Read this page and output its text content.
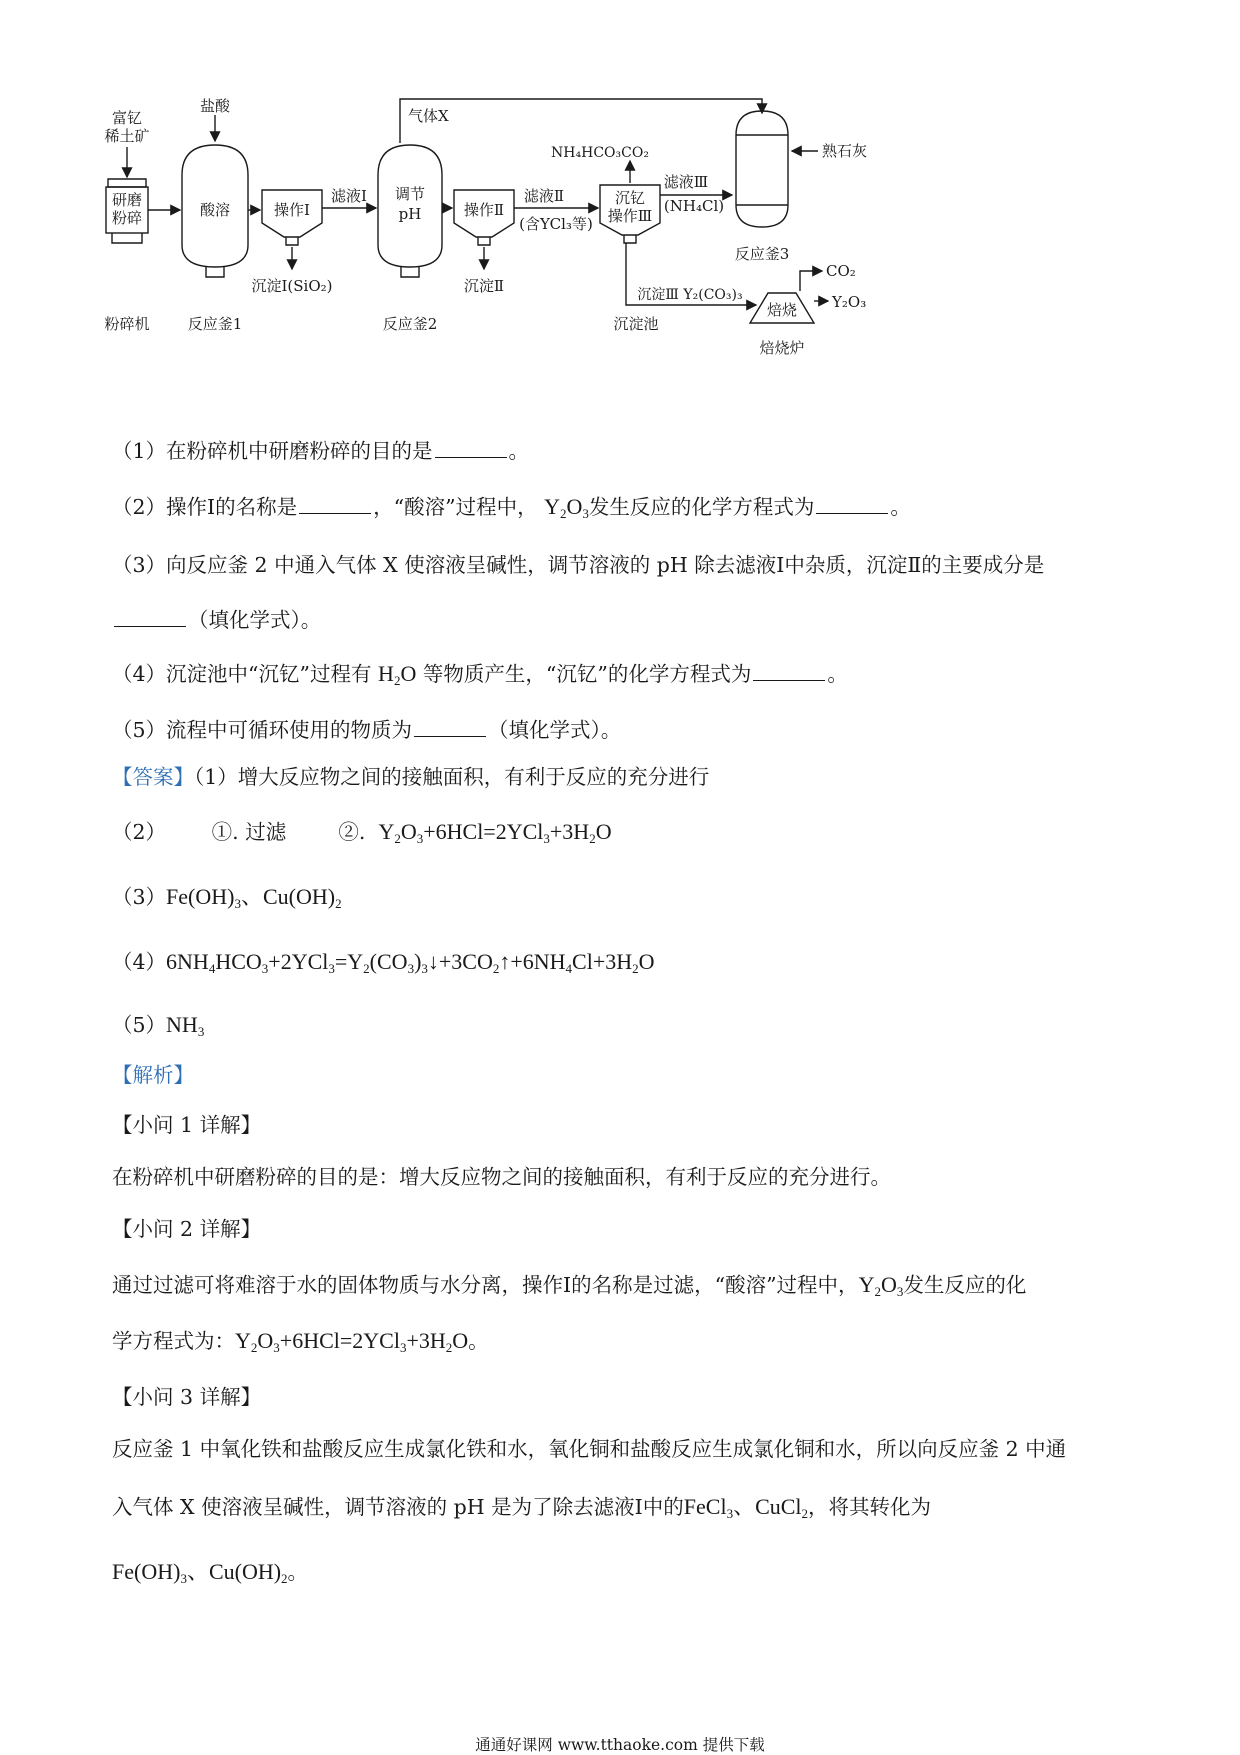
富钇稀土矿
盐酸
研磨粉碎
粉碎机
酸溶
反应釜1
操作Ⅰ
滤液Ⅰ
沉淀Ⅰ(SiO₂)
调节
pH
反应釜2
气体X
操作Ⅱ
滤液Ⅱ
(含YCl₃等)
沉淀Ⅱ
NH₄HCO₃CO₂
沉钇
操作Ⅲ
滤液Ⅲ
(NH₄Cl)
沉淀池
沉淀Ⅲ Y₂(CO₃)₃
反应釜3
熟石灰
焙烧
焙烧炉
CO₂
Y₂O₃
（1）在粉碎机中研磨粉碎的目的是	。
（2）操作Ⅰ的名称是	，“酸溶”过程中， $Y_2O_3$发生反应的化学方程式为	。
（3）向反应釜 2 中通入气体 X 使溶液呈碱性，调节溶液的 pH 除去滤液Ⅰ中杂质，沉淀Ⅱ的主要成分是
（填化学式）。
（4）沉淀池中“沉钇”过程有 $H_2O$ 等物质产生，“沉钇”的化学方程式为	。
（5）流程中可循环使用的物质为	（填化学式）。
【答案】（1）增大反应物之间的接触面积，有利于反应的充分进行
（2） ①. 过滤	②. $Y_2O_3+6HCl=2YCl_3+3H_2O$
$(3)Fe(OH)_3$、$Cu(OH)_2$
$(4)6NH_4HCO_3+2YCl_3=Y_2(CO_3)_3↓+3CO_2↑+6NH_4Cl+3H_2O$
$(5)NH_3$
【解析】
【小问 1 详解】
在粉碎机中研磨粉碎的目的是：增大反应物之间的接触面积，有利于反应的充分进行。
【小问 2 详解】
通过过滤可将难溶于水的固体物质与水分离，操作Ⅰ的名称是过滤，“酸溶”过程中，$Y_2O_3$发生反应的化
学方程式为：$Y_2O_3+6HCl=2YCl_3+3H_2O$。
【小问 3 详解】
反应釜 1 中氧化铁和盐酸反应生成氯化铁和水，氧化铜和盐酸反应生成氯化铜和水，所以向反应釜 2 中通
入气体 X 使溶液呈碱性，调节溶液的 pH 是为了除去滤液Ⅰ中的FeCl$_3$、CuCl$_2$，将其转化为
$Fe(OH)_3$、$Cu(OH)_2$。
通通好课网 www.tthaoke.com 提供下载
